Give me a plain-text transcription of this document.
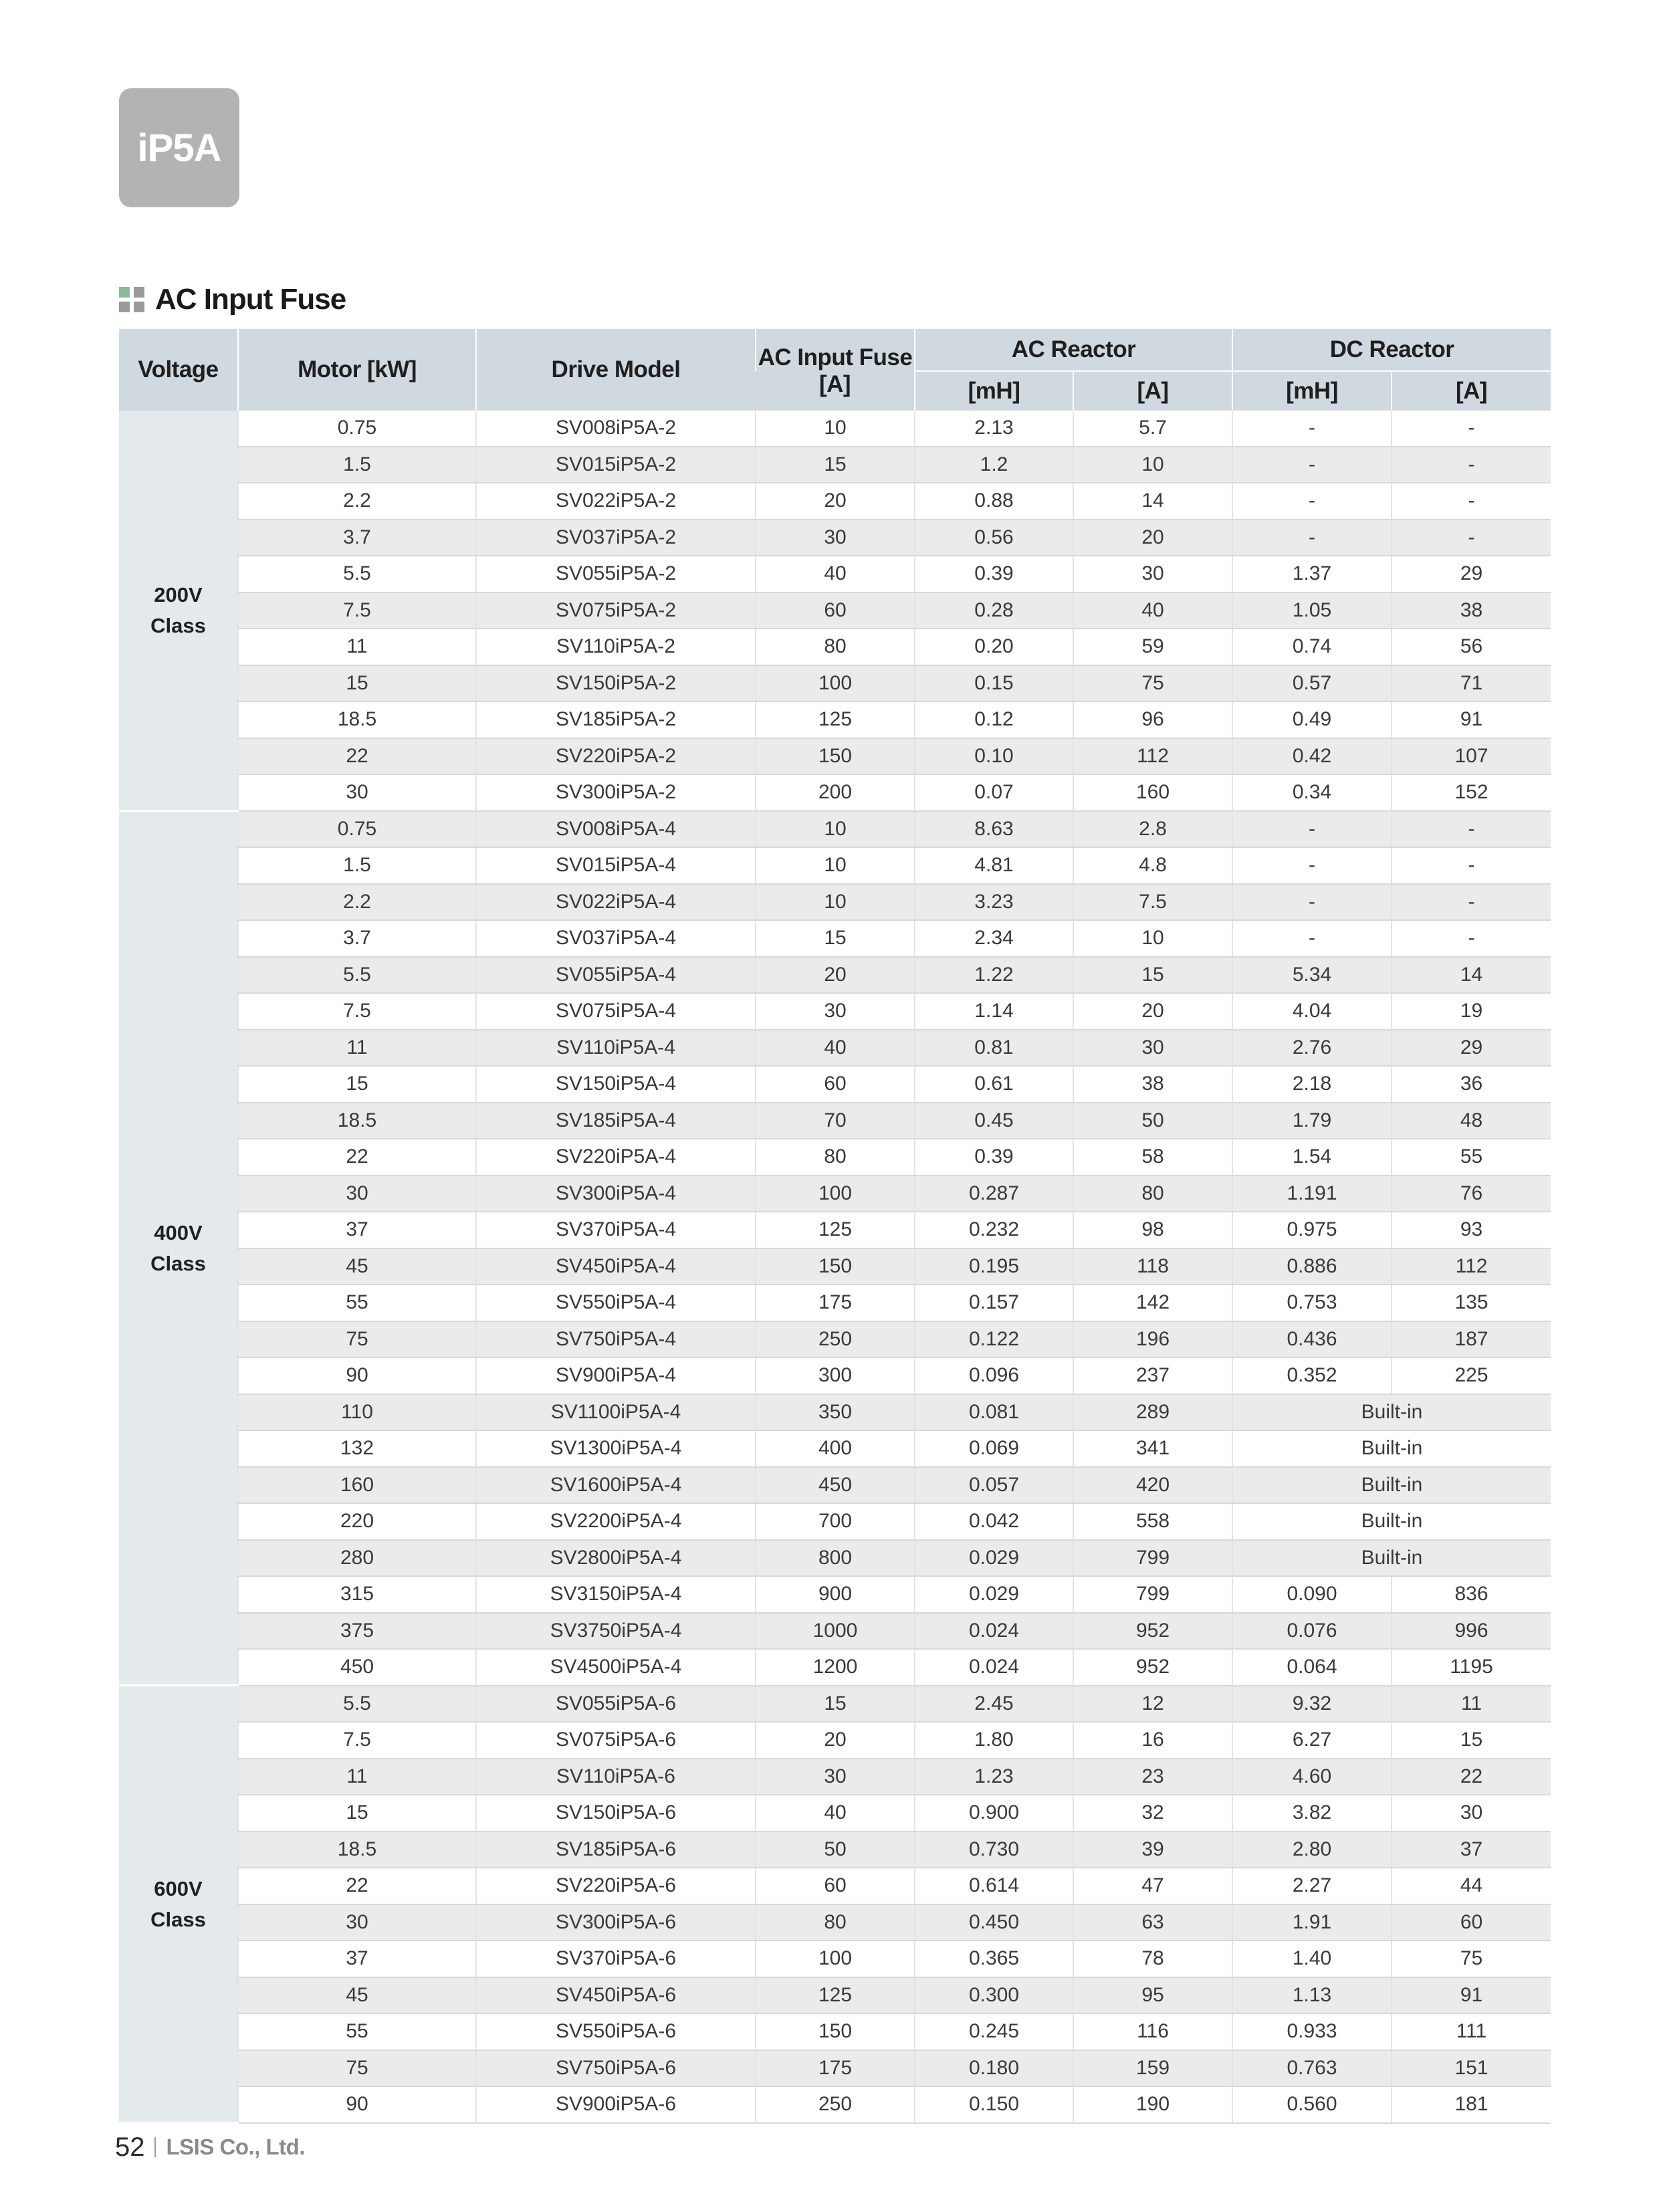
iP5A
AC Input Fuse
Voltage	Motor [kW]	Drive Model	AC Input Fuse	AC Reactor		DC Reactor	
			[A]	[mH]	[A]	[mH]	[A]

200V
Class	0.75	SV008iP5A-2	10	2.13	5.7	-	-
	1.5	SV015iP5A-2	15	1.2	10	-	-
	2.2	SV022iP5A-2	20	0.88	14	-	-
	3.7	SV037iP5A-2	30	0.56	20	-	-
	5.5	SV055iP5A-2	40	0.39	30	1.37	29
	7.5	SV075iP5A-2	60	0.28	40	1.05	38
	11	SV110iP5A-2	80	0.20	59	0.74	56
	15	SV150iP5A-2	100	0.15	75	0.57	71
	18.5	SV185iP5A-2	125	0.12	96	0.49	91
	22	SV220iP5A-2	150	0.10	112	0.42	107
	30	SV300iP5A-2	200	0.07	160	0.34	152

400V
Class	0.75	SV008iP5A-4	10	8.63	2.8	-	-
	1.5	SV015iP5A-4	10	4.81	4.8	-	-
	2.2	SV022iP5A-4	10	3.23	7.5	-	-
	3.7	SV037iP5A-4	15	2.34	10	-	-
	5.5	SV055iP5A-4	20	1.22	15	5.34	14
	7.5	SV075iP5A-4	30	1.14	20	4.04	19
	11	SV110iP5A-4	40	0.81	30	2.76	29
	15	SV150iP5A-4	60	0.61	38	2.18	36
	18.5	SV185iP5A-4	70	0.45	50	1.79	48
	22	SV220iP5A-4	80	0.39	58	1.54	55
	30	SV300iP5A-4	100	0.287	80	1.191	76
	37	SV370iP5A-4	125	0.232	98	0.975	93
	45	SV450iP5A-4	150	0.195	118	0.886	112
	55	SV550iP5A-4	175	0.157	142	0.753	135
	75	SV750iP5A-4	250	0.122	196	0.436	187
	90	SV900iP5A-4	300	0.096	237	0.352	225
	110	SV1100iP5A-4	350	0.081	289	Built-in	
	132	SV1300iP5A-4	400	0.069	341	Built-in	
	160	SV1600iP5A-4	450	0.057	420	Built-in	
	220	SV2200iP5A-4	700	0.042	558	Built-in	
	280	SV2800iP5A-4	800	0.029	799	Built-in	
	315	SV3150iP5A-4	900	0.029	799	0.090	836
	375	SV3750iP5A-4	1000	0.024	952	0.076	996
	450	SV4500iP5A-4	1200	0.024	952	0.064	1195

600V
Class	5.5	SV055iP5A-6	15	2.45	12	9.32	11
	7.5	SV075iP5A-6	20	1.80	16	6.27	15
	11	SV110iP5A-6	30	1.23	23	4.60	22
	15	SV150iP5A-6	40	0.900	32	3.82	30
	18.5	SV185iP5A-6	50	0.730	39	2.80	37
	22	SV220iP5A-6	60	0.614	47	2.27	44
	30	SV300iP5A-6	80	0.450	63	1.91	60
	37	SV370iP5A-6	100	0.365	78	1.40	75
	45	SV450iP5A-6	125	0.300	95	1.13	91
	55	SV550iP5A-6	150	0.245	116	0.933	111
	75	SV750iP5A-6	175	0.180	159	0.763	151
	90	SV900iP5A-6	250	0.150	190	0.560	181
52 LSIS Co., Ltd.
